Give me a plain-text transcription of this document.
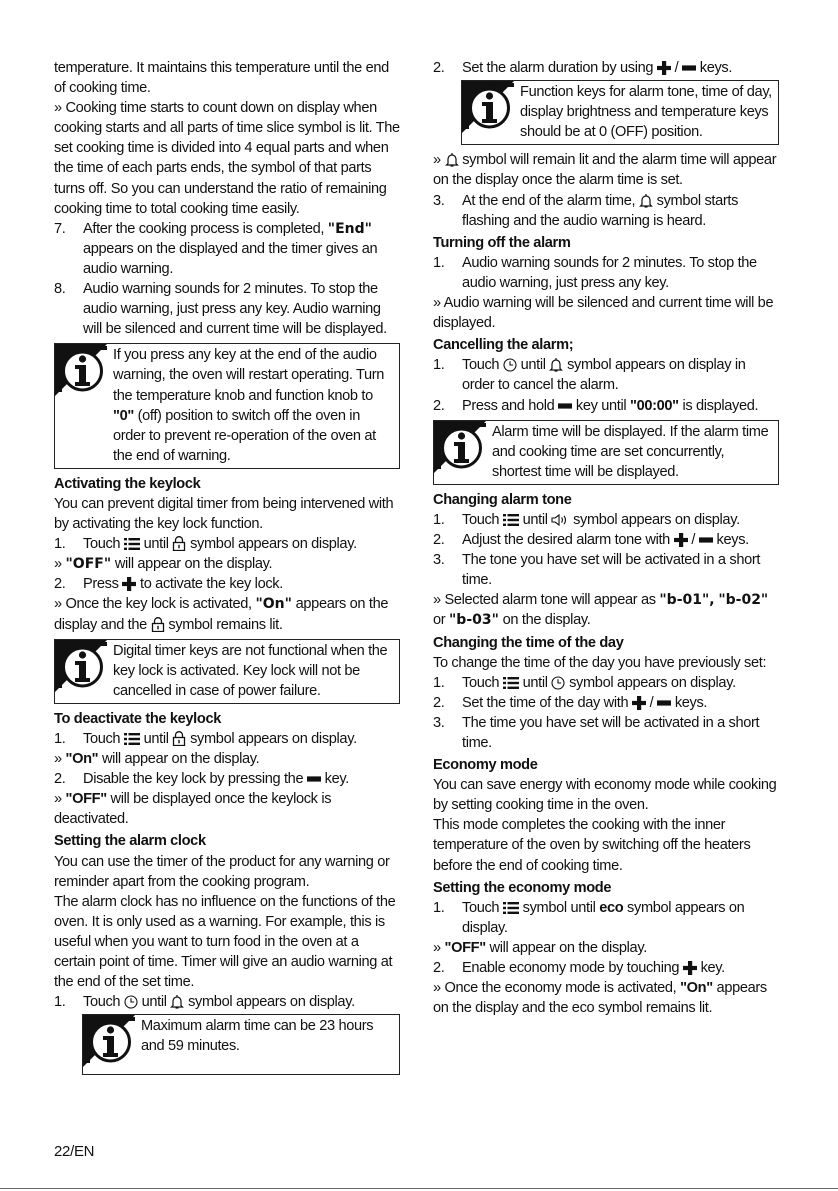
temperature. It maintains this temperature until the end of cooking time.

» Cooking time starts to count down on display when cooking starts and all parts of time slice symbol is lit. The set cooking time is divided into 4 equal parts and when the time of each parts ends, the symbol of that parts turns off. So you can understand the ratio of remaining cooking time to total cooking time easily.

7. After the cooking process is completed, "End" appears on the displayed and the timer gives an audio warning.
8. Audio warning sounds for 2 minutes. To stop the audio warning, just press any key. Audio warning will be silenced and current time will be displayed.
If you press any key at the end of the audio warning, the oven will restart operating. Turn the temperature knob and function knob to "0" (off) position to switch off the oven in order to prevent re-operation of the oven at the end of warning.

Activating the keylock

You can prevent digital timer from being intervened with by activating the key lock function.

1. Touch until symbol appears on display.

» "OFF" will appear on the display.

2. Press to activate the key lock.

» Once the key lock is activated, "On" appears on the display and the symbol remains lit.

Digital timer keys are not functional when the key lock is activated. Key lock will not be cancelled in case of power failure.

To deactivate the keylock

1. Touch until symbol appears on display.

» "On" will appear on the display.

2. Disable the key lock by pressing the key.

» "OFF" will be displayed once the keylock is deactivated.

Setting the alarm clock

You can use the timer of the product for any warning or reminder apart from the cooking program.

The alarm clock has no influence on the functions of the oven. It is only used as a warning. For example, this is useful when you want to turn food in the oven at a certain point of time. Timer will give an audio warning at the end of the set time.

1. Touch until symbol appears on display.
Maximum alarm time can be 23 hours and 59 minutes.
2. Set the alarm duration by using / keys.
Function keys for alarm tone, time of day, display brightness and temperature keys should be at 0 (OFF) position.

» symbol will remain lit and the alarm time will appear on the display once the alarm time is set.

3. At the end of the alarm time, symbol starts flashing and the audio warning is heard.

Turning off the alarm

1. Audio warning sounds for 2 minutes. To stop the audio warning, just press any key.

» Audio warning will be silenced and current time will be displayed.

Cancelling the alarm;

1. Touch until symbol appears on display in order to cancel the alarm.
2. Press and hold key until "00:00" is displayed.
Alarm time will be displayed. If the alarm time and cooking time are set concurrently, shortest time will be displayed.

Changing alarm tone

1. Touch until symbol appears on display.
2. Adjust the desired alarm tone with / keys.
3. The tone you have set will be activated in a short time.

» Selected alarm tone will appear as "b-01", "b-02" or "b-03" on the display.

Changing the time of the day

To change the time of the day you have previously set:

1. Touch until symbol appears on display.
2. Set the time of the day with / keys.
3. The time you have set will be activated in a short time.

Economy mode

You can save energy with economy mode while cooking by setting cooking time in the oven.

This mode completes the cooking with the inner temperature of the oven by switching off the heaters before the end of cooking time.

Setting the economy mode

1. Touch symbol until eco symbol appears on display.

» "OFF" will appear on the display.

2. Enable economy mode by touching key.

» Once the economy mode is activated, "On" appears on the display and the eco symbol remains lit.

22/EN
